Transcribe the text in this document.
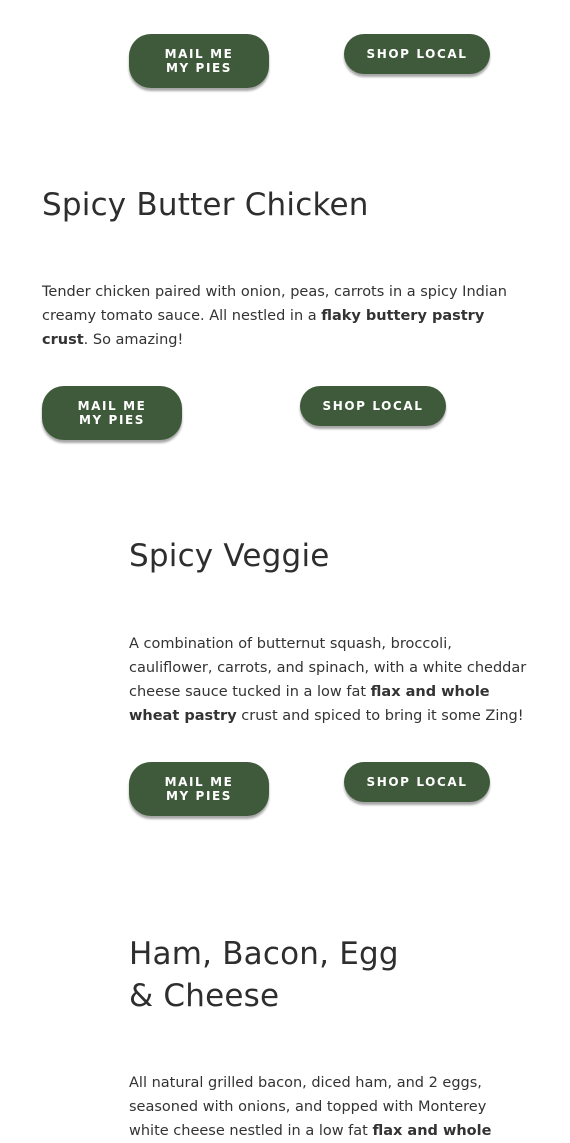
MAIL ME
MY PIES
SHOP LOCAL
Spicy Butter Chicken

Tender chicken paired with onion, peas, carrots in a spicy Indian creamy tomato sauce. All nestled in a flaky buttery pastry crust. So amazing!

MAIL ME
MY PIES
SHOP LOCAL
Spicy Veggie

A combination of butternut squash, broccoli, cauliflower, carrots, and spinach, with a white cheddar cheese sauce tucked in a low fat flax and whole wheat pastry crust and spiced to bring it some Zing!

MAIL ME
MY PIES
SHOP LOCAL
Ham, Bacon, Egg & Cheese

All natural grilled bacon, diced ham, and 2 eggs, seasoned with onions, and topped with Monterey white cheese nestled in a low fat flax and whole
